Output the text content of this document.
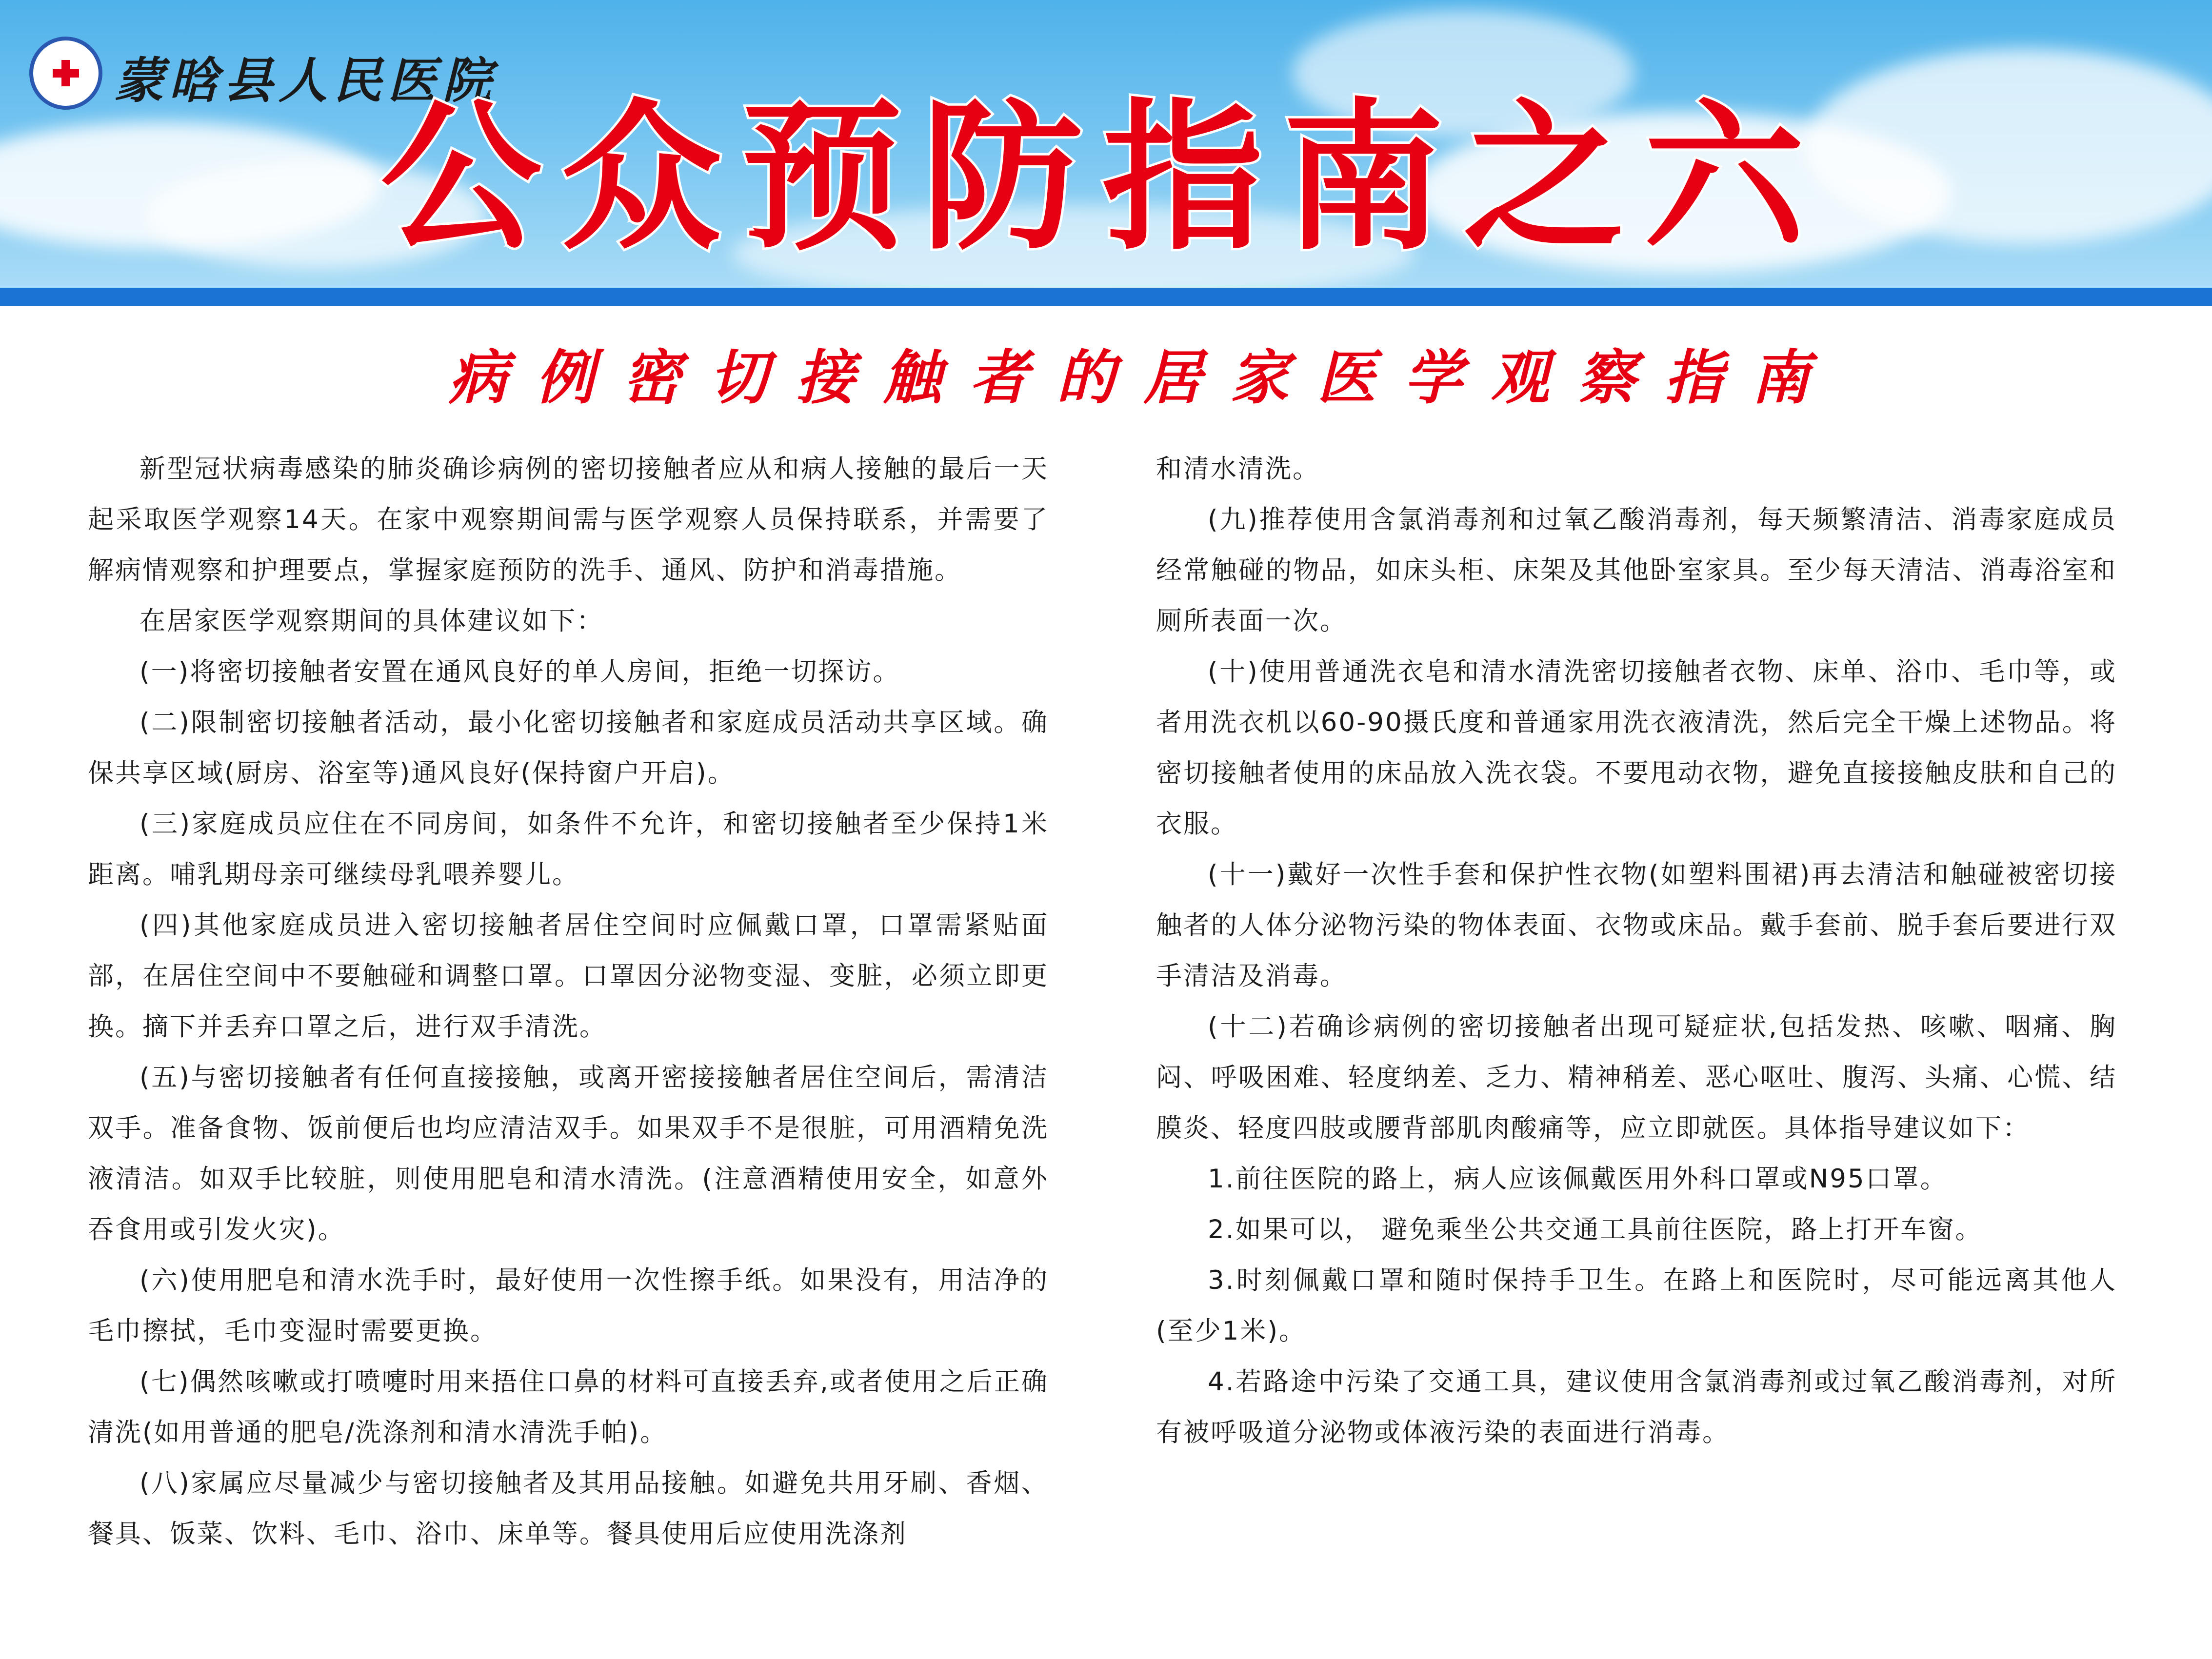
蒙晗县人民医院
公众预防指南之六
病例密切接触者的居家医学观察指南

新型冠状病毒感染的肺炎确诊病例的密切接触者应从和病人接触的最后一天起采取医学观察14天。在家中观察期间需与医学观察人员保持联系，并需要了解病情观察和护理要点，掌握家庭预防的洗手、通风、防护和消毒措施。

在居家医学观察期间的具体建议如下：

(一)将密切接触者安置在通风良好的单人房间，拒绝一切探访。

(二)限制密切接触者活动，最小化密切接触者和家庭成员活动共享区域。确保共享区域(厨房、浴室等)通风良好(保持窗户开启)。

(三)家庭成员应住在不同房间，如条件不允许，和密切接触者至少保持1米距离。哺乳期母亲可继续母乳喂养婴儿。

(四)其他家庭成员进入密切接触者居住空间时应佩戴口罩，口罩需紧贴面部，在居住空间中不要触碰和调整口罩。口罩因分泌物变湿、变脏，必须立即更换。摘下并丢弃口罩之后，进行双手清洗。

(五)与密切接触者有任何直接接触，或离开密接接触者居住空间后，需清洁双手。准备食物、饭前便后也均应清洁双手。如果双手不是很脏，可用酒精免洗液清洁。如双手比较脏，则使用肥皂和清水清洗。(注意酒精使用安全，如意外吞食用或引发火灾)。

(六)使用肥皂和清水洗手时，最好使用一次性擦手纸。如果没有，用洁净的毛巾擦拭，毛巾变湿时需要更换。

(七)偶然咳嗽或打喷嚏时用来捂住口鼻的材料可直接丢弃,或者使用之后正确清洗(如用普通的肥皂/洗涤剂和清水清洗手帕)。

(八)家属应尽量减少与密切接触者及其用品接触。如避免共用牙刷、香烟、餐具、饭菜、饮料、毛巾、浴巾、床单等。餐具使用后应使用洗涤剂

和清水清洗。

(九)推荐使用含氯消毒剂和过氧乙酸消毒剂，每天频繁清洁、消毒家庭成员经常触碰的物品，如床头柜、床架及其他卧室家具。至少每天清洁、消毒浴室和厕所表面一次。

(十)使用普通洗衣皂和清水清洗密切接触者衣物、床单、浴巾、毛巾等，或者用洗衣机以60-90摄氏度和普通家用洗衣液清洗，然后完全干燥上述物品。将密切接触者使用的床品放入洗衣袋。不要甩动衣物，避免直接接触皮肤和自己的衣服。

(十一)戴好一次性手套和保护性衣物(如塑料围裙)再去清洁和触碰被密切接触者的人体分泌物污染的物体表面、衣物或床品。戴手套前、脱手套后要进行双手清洁及消毒。

(十二)若确诊病例的密切接触者出现可疑症状,包括发热、咳嗽、咽痛、胸闷、呼吸困难、轻度纳差、乏力、精神稍差、恶心呕吐、腹泻、头痛、心慌、结膜炎、轻度四肢或腰背部肌肉酸痛等，应立即就医。具体指导建议如下：

1.前往医院的路上，病人应该佩戴医用外科口罩或N95口罩。

2.如果可以， 避免乘坐公共交通工具前往医院，路上打开车窗。

3.时刻佩戴口罩和随时保持手卫生。在路上和医院时，尽可能远离其他人(至少1米)。

4.若路途中污染了交通工具，建议使用含氯消毒剂或过氧乙酸消毒剂，对所有被呼吸道分泌物或体液污染的表面进行消毒。
